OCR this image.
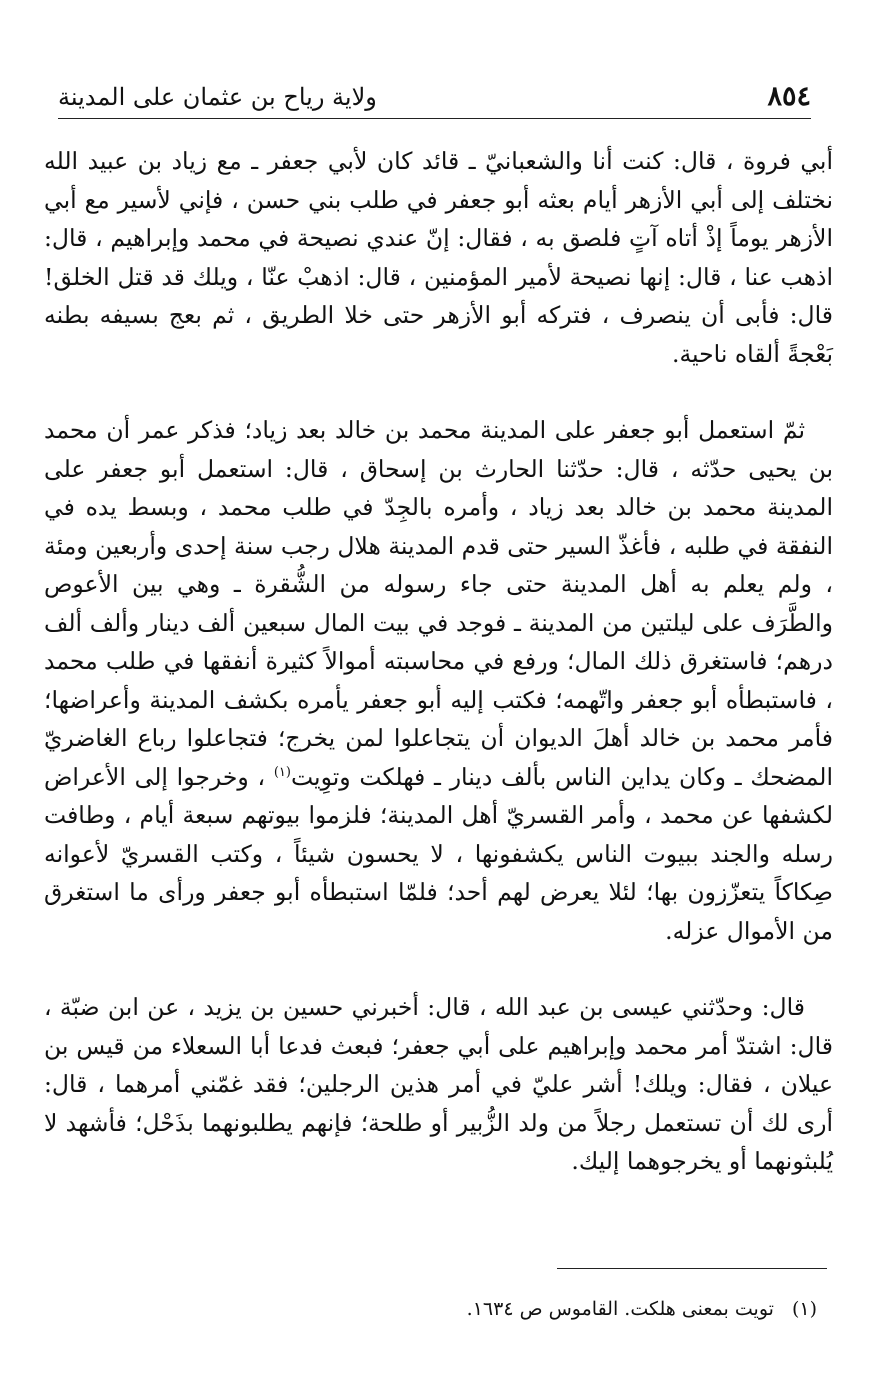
٨٥٤
ولاية رياح بن عثمان على المدينة

أبي فروة ، قال: كنت أنا والشعبانيّ ـ قائد كان لأبي جعفر ـ مع زياد بن عبيد الله نختلف إلى أبي الأزهر أيام بعثه أبو جعفر في طلب بني حسن ، فإني لأسير مع أبي الأزهر يوماً إذْ أتاه آتٍ فلصق به ، فقال: إنّ عندي نصيحة في محمد وإبراهيم ، قال: اذهب عنا ، قال: إنها نصيحة لأمير المؤمنين ، قال: اذهبْ عنّا ، ويلك قد قتل الخلق! قال: فأبى أن ينصرف ، فتركه أبو الأزهر حتى خلا الطريق ، ثم بعج بسيفه بطنه بَعْجةً ألقاه ناحية.

ثمّ استعمل أبو جعفر على المدينة محمد بن خالد بعد زياد؛ فذكر عمر أن محمد بن يحيى حدّثه ، قال: حدّثنا الحارث بن إسحاق ، قال: استعمل أبو جعفر على المدينة محمد بن خالد بعد زياد ، وأمره بالجِدّ في طلب محمد ، وبسط يده في النفقة في طلبه ، فأغذّ السير حتى قدم المدينة هلال رجب سنة إحدى وأربعين ومئة ، ولم يعلم به أهل المدينة حتى جاء رسوله من الشُّقرة ـ وهي بين الأعوص والطَّرَف على ليلتين من المدينة ـ فوجد في بيت المال سبعين ألف دينار وألف ألف درهم؛ فاستغرق ذلك المال؛ ورفع في محاسبته أموالاً كثيرة أنفقها في طلب محمد ، فاستبطأه أبو جعفر واتّهمه؛ فكتب إليه أبو جعفر يأمره بكشف المدينة وأعراضها؛ فأمر محمد بن خالد أهلَ الديوان أن يتجاعلوا لمن يخرج؛ فتجاعلوا رباع الغاضريّ المضحك ـ وكان يداين الناس بألف دينار ـ فهلكت وتوِيت$^{(١)}$ ، وخرجوا إلى الأعراض لكشفها عن محمد ، وأمر القسريّ أهل المدينة؛ فلزموا بيوتهم سبعة أيام ، وطافت رسله والجند ببيوت الناس يكشفونها ، لا يحسون شيئاً ، وكتب القسريّ لأعوانه صِكاكاً يتعزّزون بها؛ لئلا يعرض لهم أحد؛ فلمّا استبطأه أبو جعفر ورأى ما استغرق من الأموال عزله.

قال: وحدّثني عيسى بن عبد الله ، قال: أخبرني حسين بن يزيد ، عن ابن ضبّة ، قال: اشتدّ أمر محمد وإبراهيم على أبي جعفر؛ فبعث فدعا أبا السعلاء من قيس بن عيلان ، فقال: ويلك! أشر عليّ في أمر هذين الرجلين؛ فقد غمّني أمرهما ، قال: أرى لك أن تستعمل رجلاً من ولد الزُّبير أو طلحة؛ فإنهم يطلبونهما بذَحْل؛ فأشهد لا يُلبثونهما أو يخرجوهما إليك.

(١)تويت بمعنى هلكت. القاموس ص ١٦٣٤.
